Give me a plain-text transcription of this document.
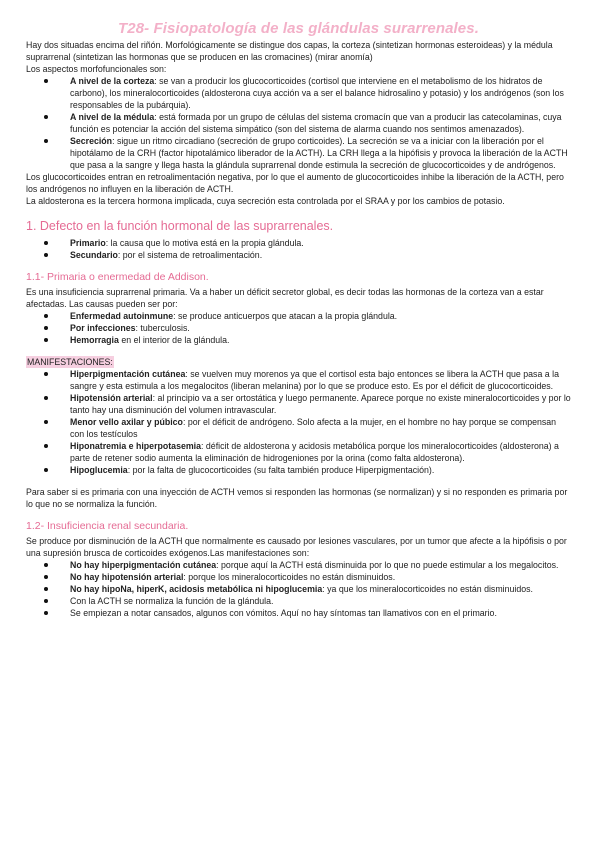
T28- Fisiopatología de las glándulas surarrenales.

Hay dos situadas encima del riñón. Morfológicamente se distingue dos capas, la corteza (sintetizan hormonas esteroideas) y la médula suprarrenal (sintetizan las hormonas que se producen en las cromacines) (mirar anomía)

Los aspectos morfofuncionales son:

A nivel de la corteza: se van a producir los glucocorticoides (cortisol que interviene en el metabolismo de los hidratos de carbono), los mineralocorticoides (aldosterona cuya acción va a ser el balance hidrosalino y potasio) y los andrógenos (son los responsables de la pubárquia).
A nivel de la médula: está formada por un grupo de células del sistema cromacín que van a producir las catecolaminas, cuya función es potenciar la acción del sistema simpático (son del sistema de alarma cuando nos sentimos amenazados).
Secreción: sigue un ritmo circadiano (secreción de grupo corticoides). La secreción se va a iniciar con la liberación por el hipotálamo de la CRH (factor hipotalámico liberador de la ACTH). La CRH llega a la hipófisis y provoca la liberación de la ACTH que pasa a la sangre y llega hasta la glándula suprarrenal donde estimula la secreción de glucocorticoides y de andrógenos.

Los glucocorticoides entran en retroalimentación negativa, por lo que el aumento de glucocorticoides inhibe la liberación de la ACTH, pero los andrógenos no influyen en la liberación de ACTH.

La aldosterona es la tercera hormona implicada, cuya secreción esta controlada por el SRAA y por los cambios de potasio.

1. Defecto en la función hormonal de las suprarrenales.
Primario: la causa que lo motiva está en la propia glándula.
Secundario: por el sistema de retroalimentación.
1.1- Primaria o enermedad de Addison.

Es una insuficiencia suprarrenal primaria. Va a haber un déficit secretor global, es decir todas las hormonas de la corteza van a estar afectadas. Las causas pueden ser por:

Enfermedad autoinmune: se produce anticuerpos que atacan a la propia glándula.
Por infecciones: tuberculosis.
Hemorragia en el interior de la glándula.

MANIFESTACIONES:

Hiperpigmentación cutánea: se vuelven muy morenos ya que el cortisol esta bajo entonces se libera la ACTH que pasa a la sangre y esta estimula a los megalocitos (liberan melanina) por lo que se produce esto. Es por el déficit de glucocorticoides.
Hipotensión arterial: al principio va a ser ortostática y luego permanente. Aparece porque no existe mineralocorticoides y por lo tanto hay una disminución del volumen intravascular.
Menor vello axilar y púbico: por el déficit de andrógeno. Solo afecta a la mujer, en el hombre no hay porque se compensan con los testículos
Hiponatremia e hiperpotasemia: déficit de aldosterona y acidosis metabólica porque los mineralocorticoides (aldosterona) a parte de retener sodio aumenta la eliminación de hidrogeniones por la orina (como falta aldosterona).
Hipoglucemia: por la falta de glucocorticoides (su falta también produce Hiperpigmentación).

Para saber si es primaria con una inyección de ACTH vemos si responden las hormonas (se normalizan) y si no responden es primaria por lo que no se normaliza la función.

1.2- Insuficiencia renal secundaria.

Se produce por disminución de la ACTH que normalmente es causado por lesiones vasculares, por un tumor que afecte a la hipófisis o por una supresión brusca de corticoides exógenos.Las manifestaciones son:

No hay hiperpigmentación cutánea: porque aquí la ACTH está disminuida por lo que no puede estimular a los megalocitos.
No hay hipotensión arterial: porque los mineralocorticoides no están disminuidos.
No hay hipoNa, hiperK, acidosis metabólica ni hipoglucemia: ya que los mineralocorticoides no están disminuidos.
Con la ACTH se normaliza la función de la glándula.
Se empiezan a notar cansados, algunos con vómitos. Aquí no hay síntomas tan llamativos con en el primario.
